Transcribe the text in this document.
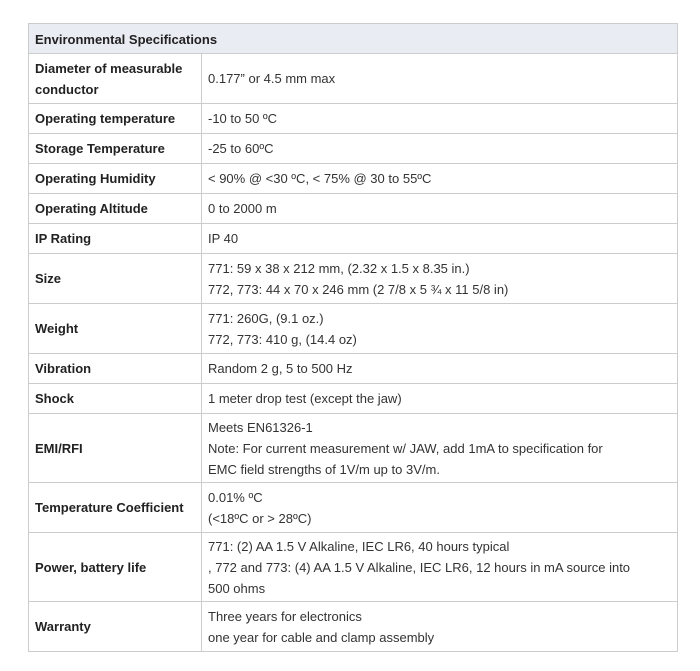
Environmental Specifications	
Diameter of measurable conductor	0.177” or 4.5 mm max

Operating temperature	-10 to 50 ºC

Storage Temperature	-25 to 60ºC

Operating Humidity	< 90% @ <30 ºC, < 75% @ 30 to 55ºC

Operating Altitude	0 to 2000 m

IP Rating	IP 40

Size	771: 59 x 38 x 212 mm, (2.32 x 1.5 x 8.35 in.)
772, 773: 44 x 70 x 246 mm (2 7/8 x 5 ¾ x 11 5/8 in)

Weight	771: 260G, (9.1 oz.)
772, 773: 410 g, (14.4 oz)

Vibration	Random 2 g, 5 to 500 Hz

Shock	1 meter drop test (except the jaw)

EMI/RFI	Meets EN61326-1
Note: For current measurement w/ JAW, add 1mA to specification for
EMC field strengths of 1V/m up to 3V/m.

Temperature Coefficient	0.01% ºC
(<18ºC or > 28ºC)

Power, battery life	771: (2) AA 1.5 V Alkaline, IEC LR6, 40 hours typical
, 772 and 773: (4) AA 1.5 V Alkaline, IEC LR6, 12 hours in mA source into
500 ohms

Warranty	Three years for electronics
one year for cable and clamp assembly
